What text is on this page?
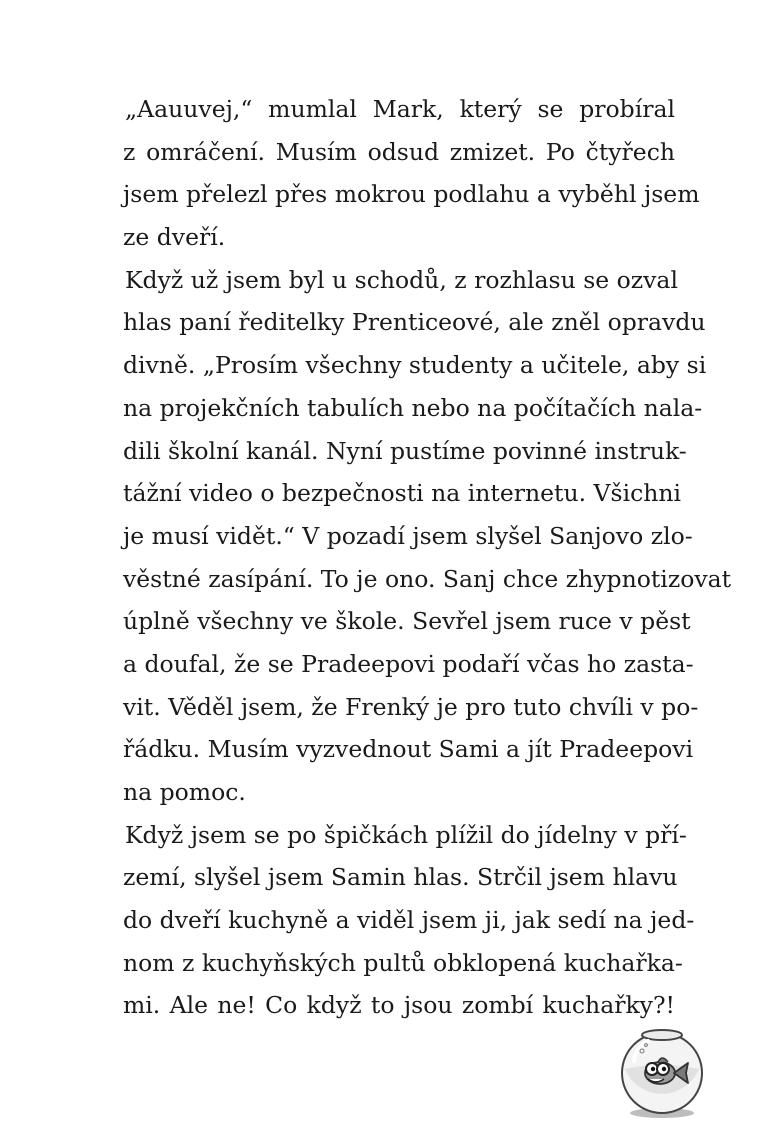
„Aauuvej,“ mumlal Mark, který se probíral
z omráčení. Musím odsud zmizet. Po čtyřech
jsem přelezl přes mokrou podlahu a vyběhl jsem
ze dveří.
Když už jsem byl u schodů, z rozhlasu se ozval
hlas paní ředitelky Prenticeové, ale zněl opravdu
divně. „Prosím všechny studenty a učitele, aby si
na projekčních tabulích nebo na počítačích nala-
dili školní kanál. Nyní pustíme povinné instruk-
tážní video o bezpečnosti na internetu. Všichni
je musí vidět.“ V pozadí jsem slyšel Sanjovo zlo-
věstné zasípání. To je ono. Sanj chce zhypnotizovat
úplně všechny ve škole. Sevřel jsem ruce v pěst
a doufal, že se Pradeepovi podaří včas ho zasta-
vit. Věděl jsem, že Frenký je pro tuto chvíli v po-
řádku. Musím vyzvednout Sami a jít Pradeepovi
na pomoc.
Když jsem se po špičkách plížil do jídelny v pří-
zemí, slyšel jsem Samin hlas. Strčil jsem hlavu
do dveří kuchyně a viděl jsem ji, jak sedí na jed-
nom z kuchyňských pultů obklopená kuchařka-
mi. Ale ne! Co když to jsou zombí kuchařky?!
